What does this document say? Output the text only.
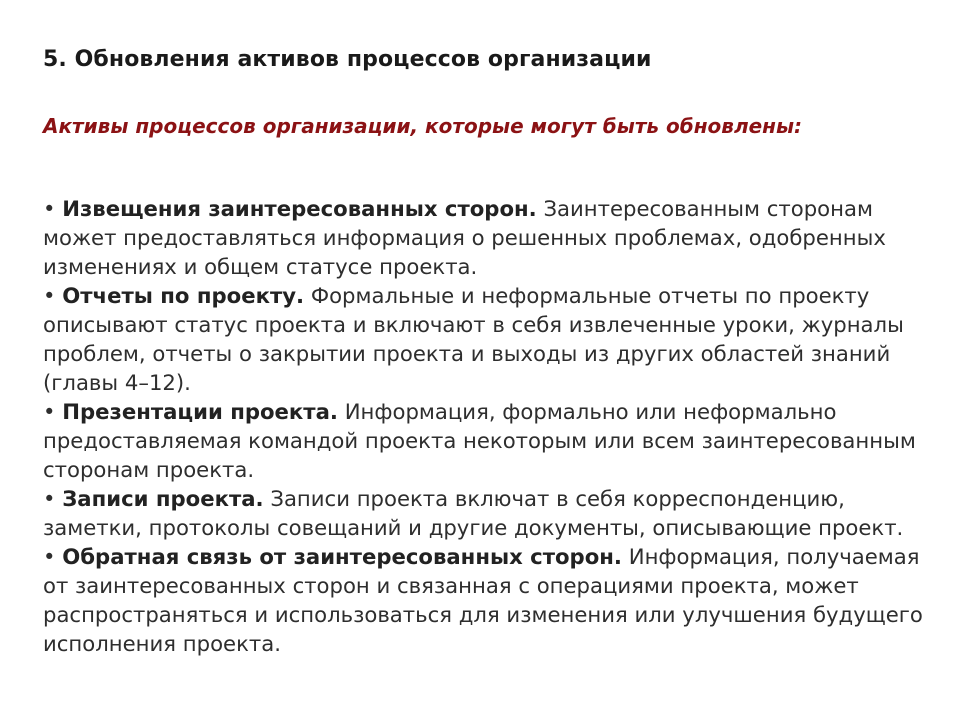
5. Обновления активов процессов организации

Активы процессов организации, которые могут быть обновлены:

• Извещения заинтересованных сторон. Заинтересованным сторонам может предоставляться информация о решенных проблемах, одобренных изменениях и общем статусе проекта.
• Отчеты по проекту. Формальные и неформальные отчеты по проекту описывают статус проекта и включают в себя извлеченные уроки, журналы проблем, отчеты о закрытии проекта и выходы из других областей знаний
(главы 4–12).
• Презентации проекта. Информация, формально или неформально предоставляемая командой проекта некоторым или всем заинтересованным сторонам проекта.
• Записи проекта. Записи проекта включат в себя корреспонденцию, заметки, протоколы совещаний и другие документы, описывающие проект.
• Обратная связь от заинтересованных сторон. Информация, получаемая от заинтересованных сторон и связанная с операциями проекта, может распространяться и использоваться для изменения или улучшения будущего исполнения проекта.
